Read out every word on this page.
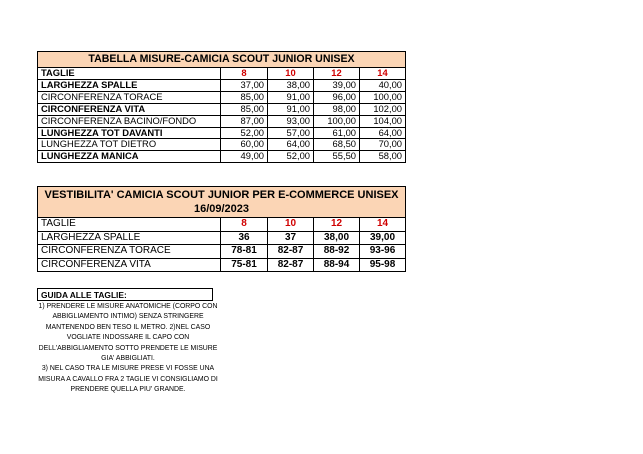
TABELLA MISURE-CAMICIA SCOUT JUNIOR UNISEX				
TAGLIE	8	10	12	14
LARGHEZZA SPALLE	37,00	38,00	39,00	40,00
CIRCONFERENZA TORACE	85,00	91,00	96,00	100,00
CIRCONFERENZA VITA	85,00	91,00	98,00	102,00
CIRCONFERENZA BACINO/FONDO	87,00	93,00	100,00	104,00
LUNGHEZZA TOT DAVANTI	52,00	57,00	61,00	64,00
LUNGHEZZA TOT DIETRO	60,00	64,00	68,50	70,00
LUNGHEZZA MANICA	49,00	52,00	55,50	58,00
VESTIBILITA' CAMICIA SCOUT JUNIOR PER E-COMMERCE UNISEX
16/09/2023				
TAGLIE	8	10	12	14
LARGHEZZA SPALLE	36	37	38,00	39,00
CIRCONFERENZA TORACE	78-81	82-87	88-92	93-96
CIRCONFERENZA VITA	75-81	82-87	88-94	95-98
GUIDA ALLE TAGLIE:

1) PRENDERE LE MISURE ANATOMICHE (CORPO CON ABBIGLIAMENTO INTIMO) SENZA STRINGERE MANTENENDO BEN TESO IL METRO. 2)NEL CASO VOGLIATE INDOSSARE IL CAPO CON DELL'ABBIGLIAMENTO SOTTO PRENDETE LE MISURE GIA' ABBIGLIATI.

3) NEL CASO TRA LE MISURE PRESE VI FOSSE UNA MISURA A CAVALLO FRA 2 TAGLIE VI CONSIGLIAMO DI PRENDERE QUELLA PIU' GRANDE.
